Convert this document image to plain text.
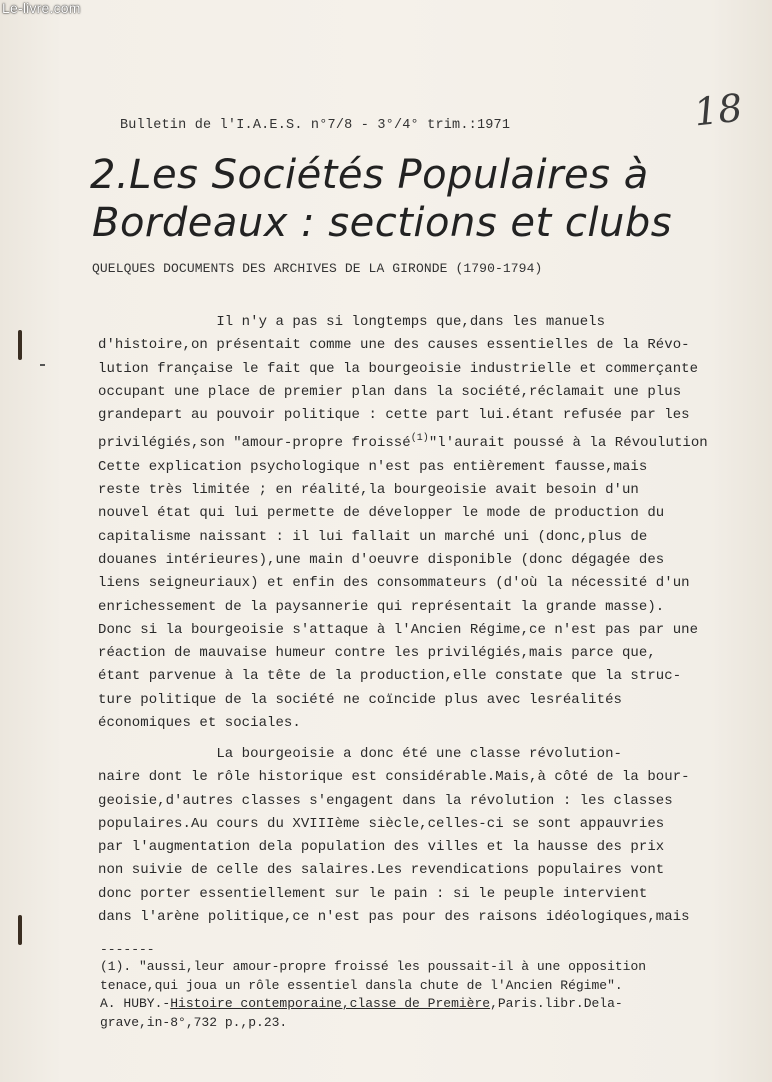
Le-livre.com
18
Bulletin de l'I.A.E.S. n°7/8 - 3°/4° trim.:1971
2.Les Sociétés Populaires à
Bordeaux : sections et clubs
QUELQUES DOCUMENTS DES ARCHIVES DE LA GIRONDE (1790-1794)
Il n'y a pas si longtemps que,dans les manuels
d'histoire,on présentait comme une des causes essentielles de la Révo-
lution française le fait que la bourgeoisie industrielle et commerçante
occupant une place de premier plan dans la société,réclamait une plus
grandepart au pouvoir politique : cette part lui.étant refusée par les
privilégiés,son "amour-propre froissé$^{(1)}$"l'aurait poussé à la Révoulution
Cette explication psychologique n'est pas entièrement fausse,mais
reste très limitée ; en réalité,la bourgeoisie avait besoin d'un
nouvel état qui lui permette de développer le mode de production du
capitalisme naissant : il lui fallait un marché uni (donc,plus de
douanes intérieures),une main d'oeuvre disponible (donc dégagée des
liens seigneuriaux) et enfin des consommateurs (d'où la nécessité d'un
enrichessement de la paysannerie qui représentait la grande masse).
Donc si la bourgeoisie s'attaque à l'Ancien Régime,ce n'est pas par une
réaction de mauvaise humeur contre les privilégiés,mais parce que,
étant parvenue à la tête de la production,elle constate que la struc-
ture politique de la société ne coïncide plus avec lesréalités
économiques et sociales.
La bourgeoisie a donc été une classe révolution-
naire dont le rôle historique est considérable.Mais,à côté de la bour-
geoisie,d'autres classes s'engagent dans la révolution : les classes
populaires.Au cours du XVIIIème siècle,celles-ci se sont appauvries
par l'augmentation dela population des villes et la hausse des prix
non suivie de celle des salaires.Les revendications populaires vont
donc porter essentiellement sur le pain : si le peuple intervient
dans l'arène politique,ce n'est pas pour des raisons idéologiques,mais
-------
(1). "aussi,leur amour-propre froissé les poussait-il à une opposition
tenace,qui joua un rôle essentiel dansla chute de l'Ancien Régime".
A. HUBY.-Histoire contemporaine,classe de Première,Paris.libr.Dela-
grave,in-8°,732 p.,p.23.
